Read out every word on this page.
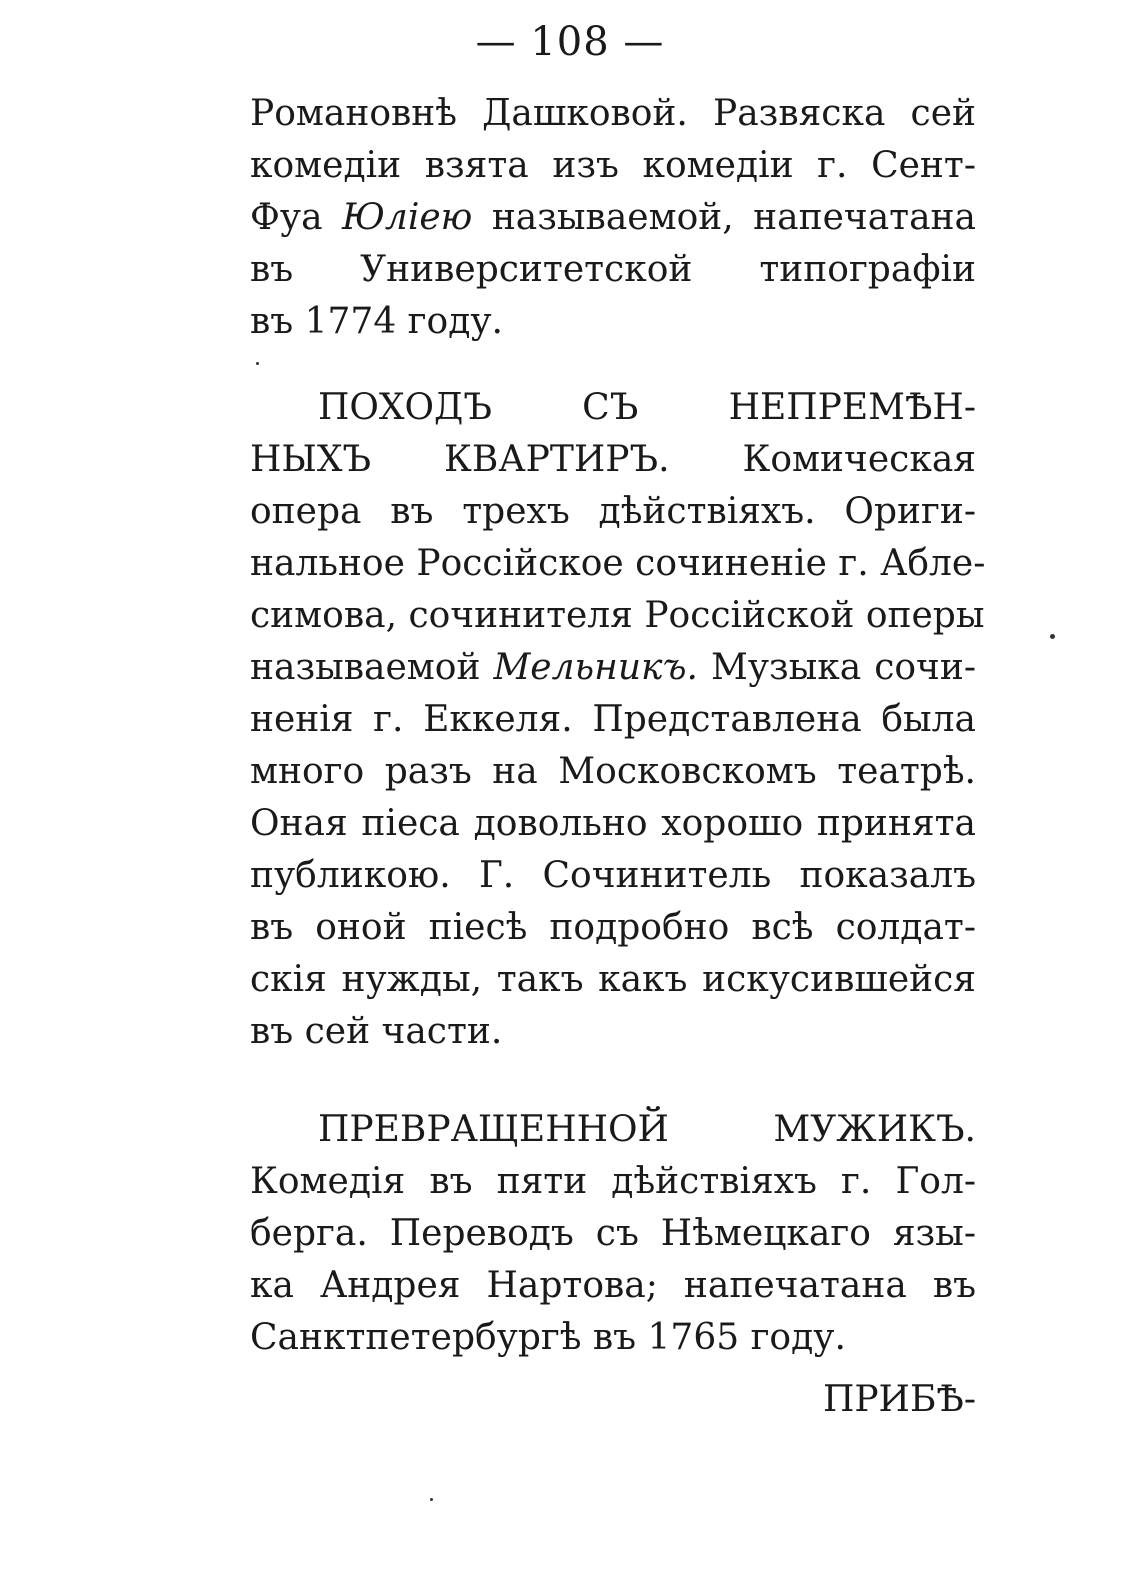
— 108 —
Романовнѣ Дашковой. Развяска сей
комедіи взята изъ комедіи г. Сент-
Фуа Юліею называемой, напечатана
въ Университетской типографіи
въ 1774 году.
ПОХОДЪ СЪ НЕПРЕМѢН-
НЫХЪ КВАРТИРЪ. Комическая
опера въ трехъ дѣйствіяхъ. Ориги-
нальное Россійское сочиненіе г. Абле-
симова, сочинителя Россійской оперы
называемой Мельникъ. Музыка сочи-
ненія г. Еккеля. Представлена была
много разъ на Московскомъ театрѣ.
Оная піеса довольно хорошо принята
публикою. Г. Сочинитель показалъ
въ оной піесѣ подробно всѣ солдат-
скія нужды, такъ какъ искусившейся
въ сей части.
ПРЕВРАЩЕННОЙ МУЖИКЪ.
Комедія въ пяти дѣйствіяхъ г. Гол-
берга. Переводъ съ Нѣмецкаго язы-
ка Андрея Нартова; напечатана въ
Санктпетербургѣ въ 1765 году.
ПРИБѢ-
